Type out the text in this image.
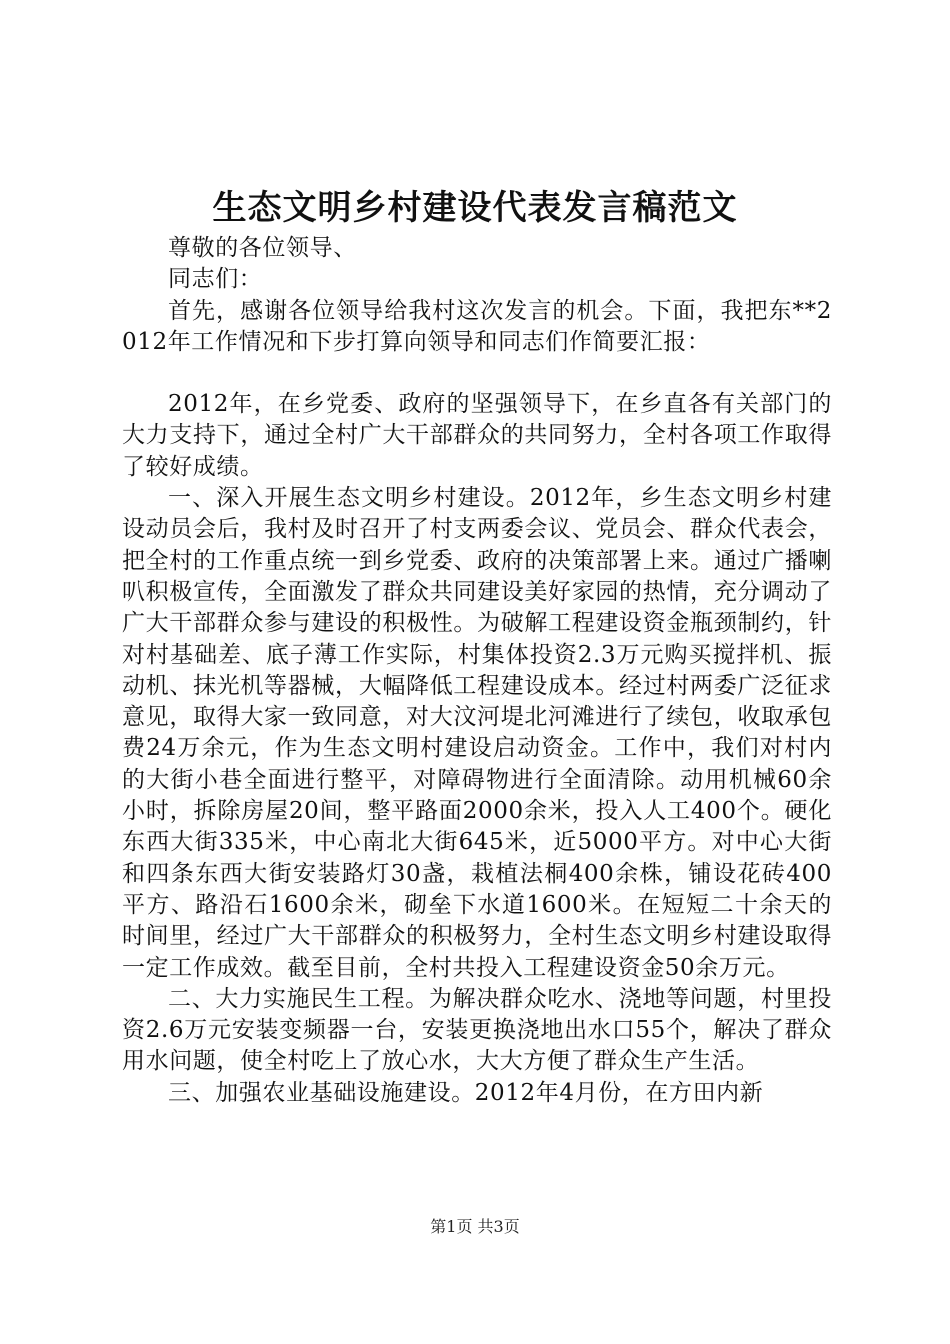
生态文明乡村建设代表发言稿范文

尊敬的各位领导、

同志们：

首先，感谢各位领导给我村这次发言的机会。下面，我把东**2012年工作情况和下步打算向领导和同志们作简要汇报：

2012年，在乡党委、政府的坚强领导下，在乡直各有关部门的大力支持下，通过全村广大干部群众的共同努力，全村各项工作取得了较好成绩。

一、深入开展生态文明乡村建设。2012年，乡生态文明乡村建设动员会后，我村及时召开了村支两委会议、党员会、群众代表会，把全村的工作重点统一到乡党委、政府的决策部署上来。通过广播喇叭积极宣传，全面激发了群众共同建设美好家园的热情，充分调动了广大干部群众参与建设的积极性。为破解工程建设资金瓶颈制约，针对村基础差、底子薄工作实际，村集体投资2.3万元购买搅拌机、振动机、抹光机等器械，大幅降低工程建设成本。经过村两委广泛征求意见，取得大家一致同意，对大汶河堤北河滩进行了续包，收取承包费24万余元，作为生态文明村建设启动资金。工作中，我们对村内的大街小巷全面进行整平，对障碍物进行全面清除。动用机械60余小时，拆除房屋20间，整平路面2000余米，投入人工400个。硬化东西大街335米，中心南北大街645米，近5000平方。对中心大街和四条东西大街安装路灯30盏，栽植法桐400余株，铺设花砖400平方、路沿石1600余米，砌垒下水道1600米。在短短二十余天的时间里，经过广大干部群众的积极努力，全村生态文明乡村建设取得一定工作成效。截至目前，全村共投入工程建设资金50余万元。

二、大力实施民生工程。为解决群众吃水、浇地等问题，村里投资2.6万元安装变频器一台，安装更换浇地出水口55个，解决了群众用水问题，使全村吃上了放心水，大大方便了群众生产生活。

三、加强农业基础设施建设。2012年4月份，在方田内新

第1页 共3页
